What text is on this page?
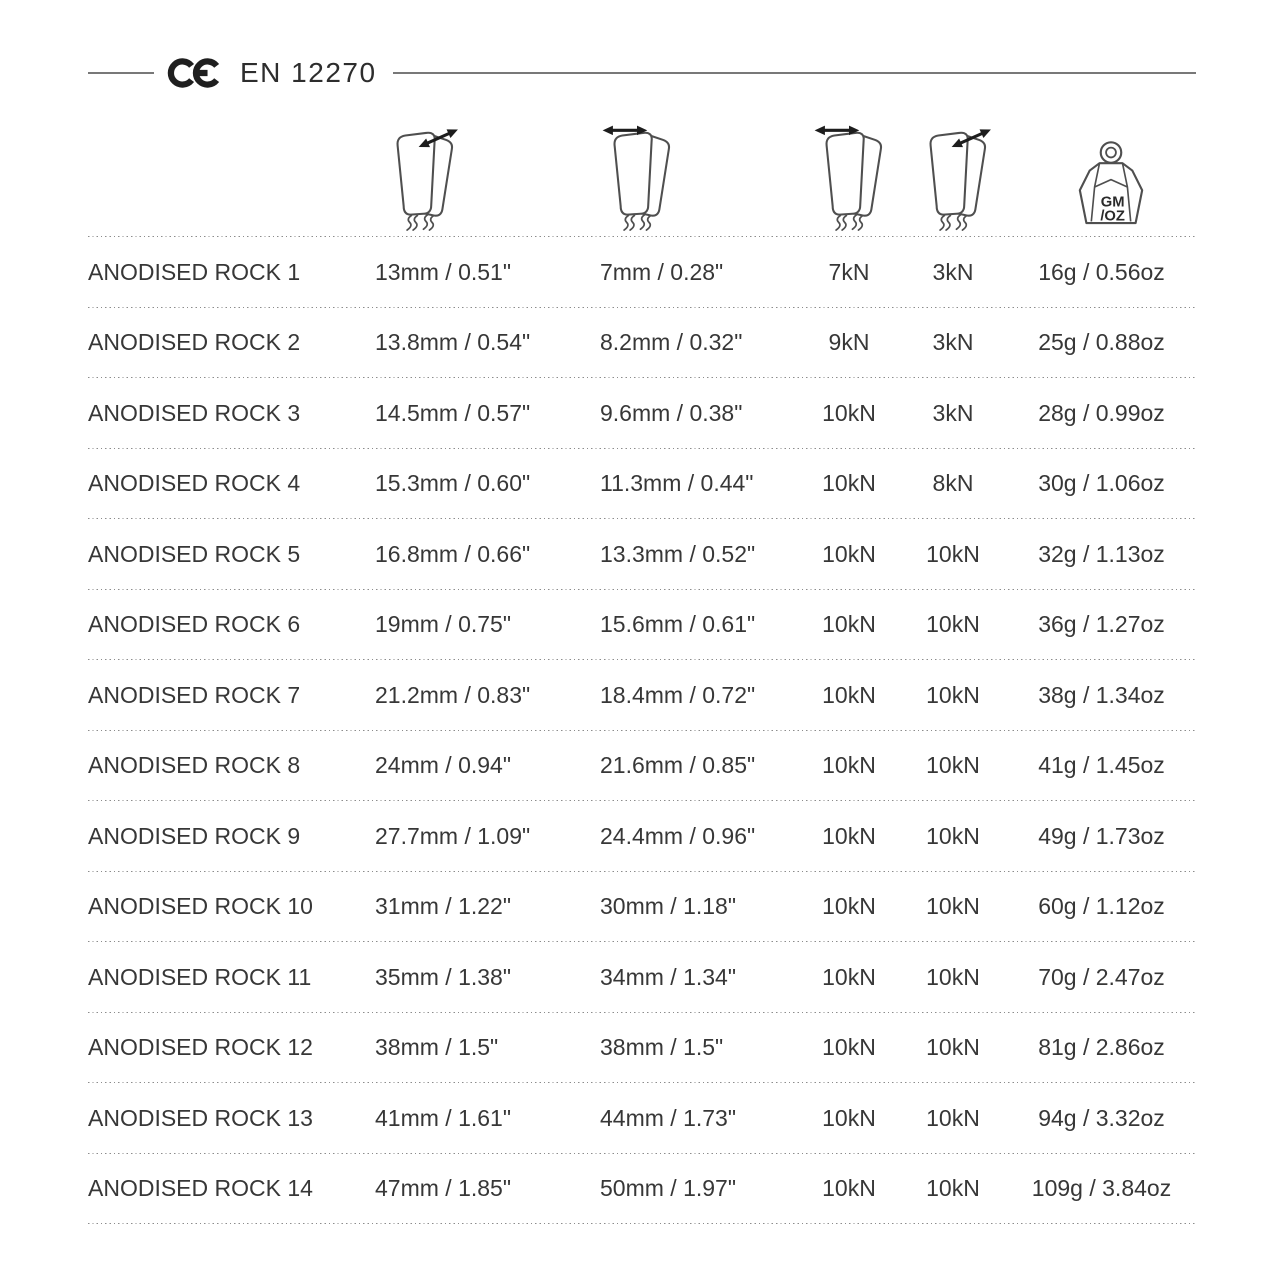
EN 12270
GM
/OZ
ANODISED ROCK 1	13mm / 0.51"	7mm / 0.28"	7kN	3kN	16g / 0.56oz
ANODISED ROCK 2	13.8mm / 0.54"	8.2mm / 0.32"	9kN	3kN	25g / 0.88oz
ANODISED ROCK 3	14.5mm / 0.57"	9.6mm / 0.38"	10kN	3kN	28g / 0.99oz
ANODISED ROCK 4	15.3mm / 0.60"	11.3mm / 0.44"	10kN	8kN	30g / 1.06oz
ANODISED ROCK 5	16.8mm / 0.66"	13.3mm / 0.52"	10kN	10kN	32g / 1.13oz
ANODISED ROCK 6	19mm / 0.75"	15.6mm / 0.61"	10kN	10kN	36g / 1.27oz
ANODISED ROCK 7	21.2mm / 0.83"	18.4mm / 0.72"	10kN	10kN	38g / 1.34oz
ANODISED ROCK 8	24mm / 0.94"	21.6mm / 0.85"	10kN	10kN	41g / 1.45oz
ANODISED ROCK 9	27.7mm / 1.09"	24.4mm / 0.96"	10kN	10kN	49g / 1.73oz
ANODISED ROCK 10	31mm / 1.22"	30mm / 1.18"	10kN	10kN	60g / 1.12oz
ANODISED ROCK 11	35mm / 1.38"	34mm / 1.34"	10kN	10kN	70g / 2.47oz
ANODISED ROCK 12	38mm / 1.5"	38mm / 1.5"	10kN	10kN	81g / 2.86oz
ANODISED ROCK 13	41mm / 1.61"	44mm / 1.73"	10kN	10kN	94g / 3.32oz
ANODISED ROCK 14	47mm / 1.85"	50mm / 1.97"	10kN	10kN	109g / 3.84oz
